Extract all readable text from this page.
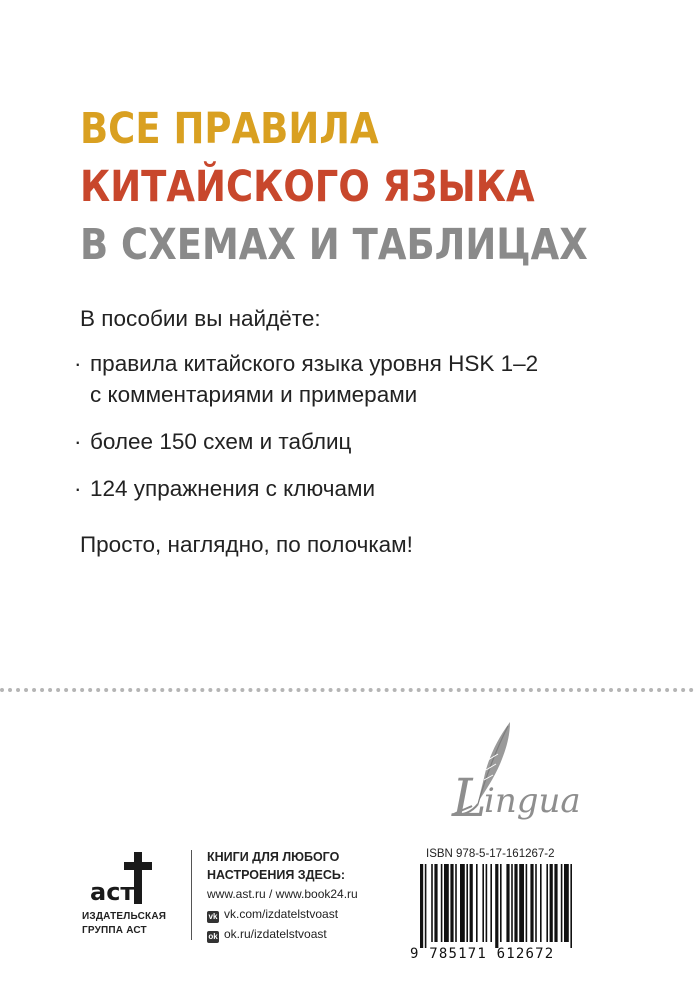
ВСЕ ПРАВИЛА
КИТАЙСКОГО ЯЗЫКА
В СХЕМАХ И ТАБЛИЦАХ
В пособии вы найдёте:
· правила китайского языка уровня HSK 1–2
с комментариями и примерами
· более 150 схем и таблиц
· 124 упражнения с ключами
Просто, наглядно, по полочкам!
L
ingua
аст
ИЗДАТЕЛЬСКАЯ
ГРУППА АСТ
КНИГИ ДЛЯ ЛЮБОГО
НАСТРОЕНИЯ ЗДЕСЬ:
www.ast.ru / www.book24.ru
vk vk.com/izdatelstvoast
ok ok.ru/izdatelstvoast
ISBN 978-5-17-161267-2
9 785171 612672
